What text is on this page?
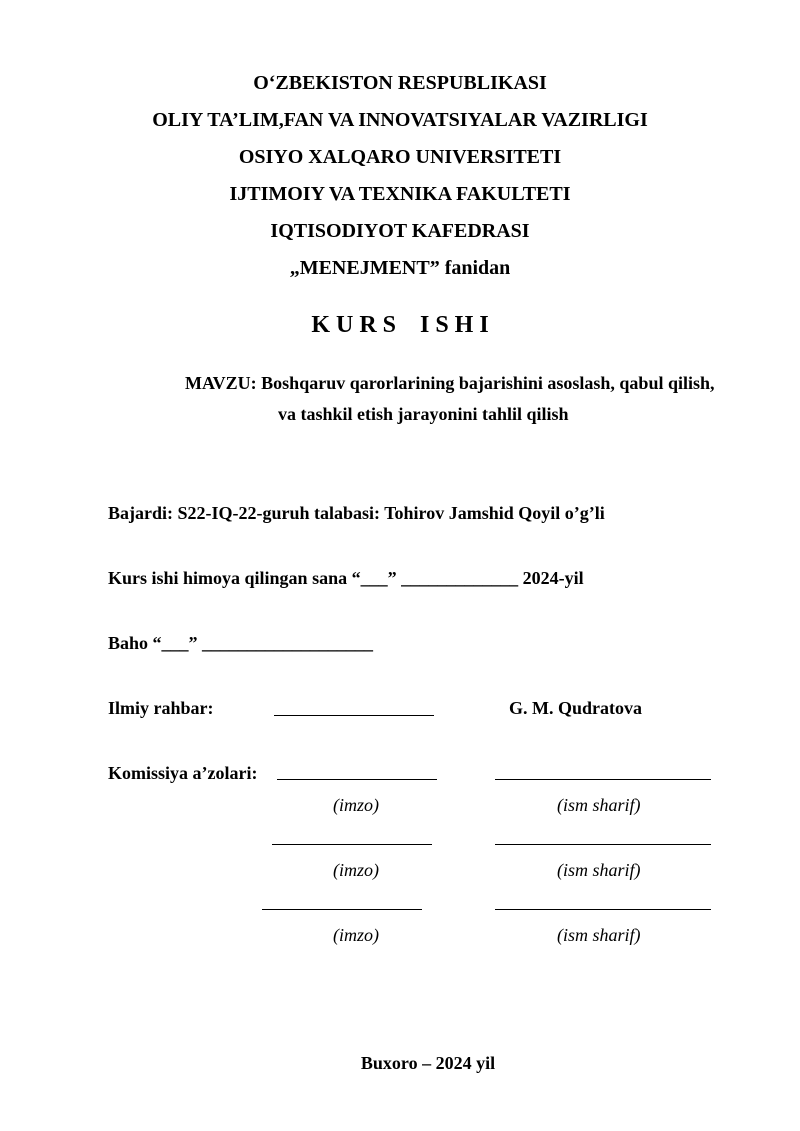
O‘ZBEKISTON RESPUBLIKASI
OLIY TA’LIM,FAN VA INNOVATSIYALAR VAZIRLIGI
OSIYO XALQARO UNIVERSITETI
IJTIMOIY VA TEXNIKA FAKULTETI
IQTISODIYOT KAFEDRASI
„MENEJMENT” fanidan
K U R S    I S H I
MAVZU: Boshqaruv qarorlarining bajarishini asoslash, qabul qilish,
va tashkil etish jarayonini tahlil qilish
Bajardi: S22-IQ-22-guruh talabasi: Tohirov Jamshid Qoyil o’g’li
Kurs ishi himoya qilingan sana “___” _____________ 2024-yil
Baho “___” ___________________
Ilmiy rahbar:	G. M. Qudratova
Komissiya a’zolari:
(imzo)	(ism sharif)
(imzo)	(ism sharif)
(imzo)	(ism sharif)
Buxoro – 2024 yil
